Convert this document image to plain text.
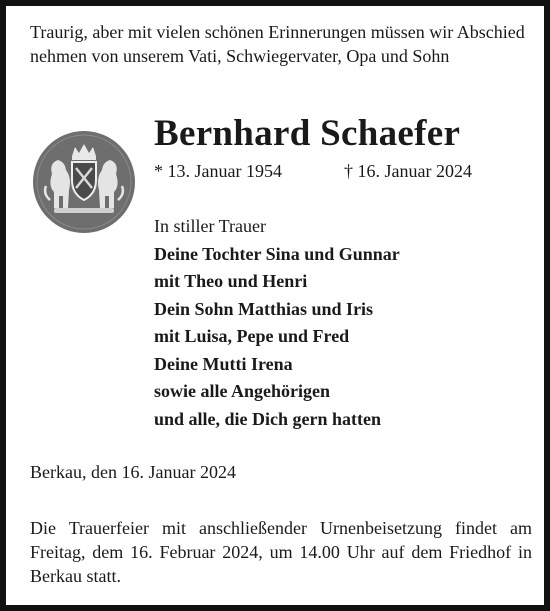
Traurig, aber mit vielen schönen Erinnerungen müssen wir Abschied nehmen von unserem Vati, Schwiegervater, Opa und Sohn
Bernhard Schaefer
* 13. Januar 1954	† 16. Januar 2024
In stiller Trauer
Deine Tochter Sina und Gunnar
mit Theo und Henri
Dein Sohn Matthias und Iris
mit Luisa, Pepe und Fred
Deine Mutti Irena
sowie alle Angehörigen
und alle, die Dich gern hatten
Berkau, den 16. Januar 2024
Die Trauerfeier mit anschließender Urnenbeisetzung findet am Freitag, dem 16. Februar 2024, um 14.00 Uhr auf dem Friedhof in Berkau statt.
